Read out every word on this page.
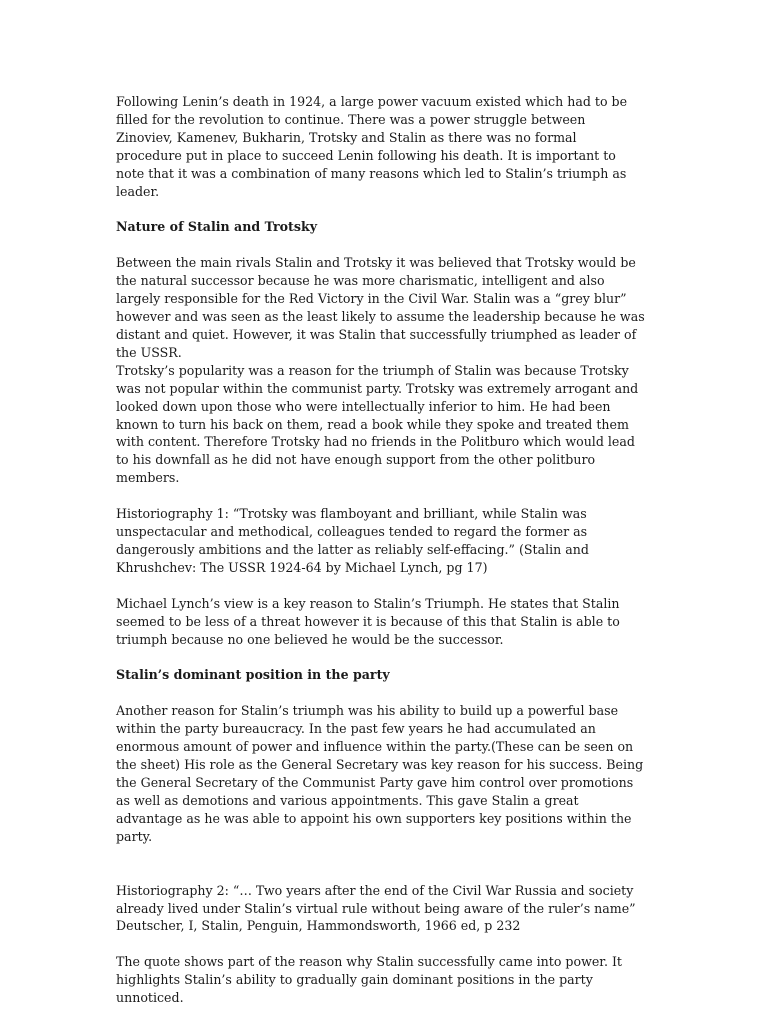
Following Lenin’s death in 1924, a large power vacuum existed which had to be filled for the revolution to continue. There was a power struggle between Zinoviev, Kamenev, Bukharin, Trotsky and Stalin as there was no formal procedure put in place to succeed Lenin following his death. It is important to note that it was a combination of many reasons which led to Stalin’s triumph as leader.

Nature of Stalin and Trotsky

Between the main rivals Stalin and Trotsky it was believed that Trotsky would be the natural successor because he was more charismatic, intelligent and also largely responsible for the Red Victory in the Civil War. Stalin was a “grey blur” however and was seen as the least likely to assume the leadership because he was distant and quiet. However, it was Stalin that successfully triumphed as leader of the USSR.
Trotsky’s popularity was a reason for the triumph of Stalin was because Trotsky was not popular within the communist party. Trotsky was extremely arrogant and looked down upon those who were intellectually inferior to him. He had been known to turn his back on them, read a book while they spoke and treated them with content. Therefore Trotsky had no friends in the Politburo which would lead to his downfall as he did not have enough support from the other politburo members.

Historiography 1: “Trotsky was flamboyant and brilliant, while Stalin was unspectacular and methodical, colleagues tended to regard the former as dangerously ambitions and the latter as reliably self-effacing.” (Stalin and Khrushchev: The USSR 1924-64 by Michael Lynch, pg 17)

Michael Lynch’s view is a key reason to Stalin’s Triumph. He states that Stalin seemed to be less of a threat however it is because of this that Stalin is able to triumph because no one believed he would be the successor.

Stalin’s dominant position in the party

Another reason for Stalin’s triumph was his ability to build up a powerful base within the party bureaucracy. In the past few years he had accumulated an enormous amount of power and influence within the party.(These can be seen on the sheet) His role as the General Secretary was key reason for his success. Being the General Secretary of the Communist Party gave him control over promotions as well as demotions and various appointments. This gave Stalin a great advantage as he was able to appoint his own supporters key positions within the party.

Historiography 2: “… Two years after the end of the Civil War Russia and society already lived under Stalin’s virtual rule without being aware of the ruler’s name” Deutscher, I, Stalin, Penguin, Hammondsworth, 1966 ed, p 232

The quote shows part of the reason why Stalin successfully came into power. It highlights Stalin’s ability to gradually gain dominant positions in the party unnoticed.
